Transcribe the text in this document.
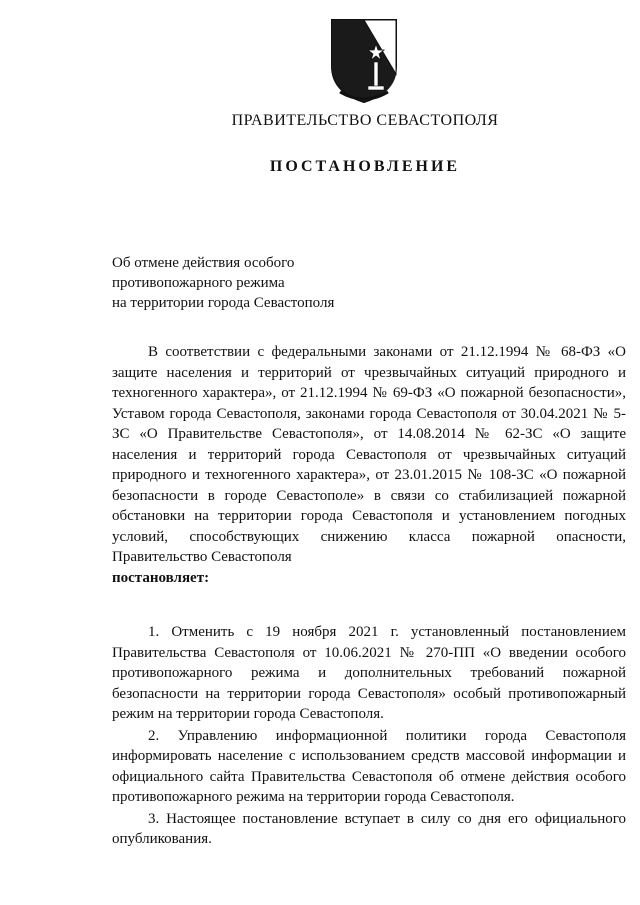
ПРАВИТЕЛЬСТВО СЕВАСТОПОЛЯ
ПОСТАНОВЛЕНИЕ
Об отмене действия особого
противопожарного режима
на территории города Севастополя

В соответствии с федеральными законами от 21.12.1994 № 68-ФЗ «О защите населения и территорий от чрезвычайных ситуаций природного и техногенного характера», от 21.12.1994 № 69-ФЗ «О пожарной безопасности», Уставом города Севастополя, законами города Севастополя от 30.04.2021 № 5-ЗС «О Правительстве Севастополя», от 14.08.2014 № 62-ЗС «О защите населения и территорий города Севастополя от чрезвычайных ситуаций природного и техногенного характера», от 23.01.2015 № 108-ЗС «О пожарной безопасности в городе Севастополе» в связи со стабилизацией пожарной обстановки на территории города Севастополя и установлением погодных условий, способствующих снижению класса пожарной опасности, Правительство Севастополя
постановляет:

1. Отменить с 19 ноября 2021 г. установленный постановлением Правительства Севастополя от 10.06.2021 № 270-ПП «О введении особого противопожарного режима и дополнительных требований пожарной безопасности на территории города Севастополя» особый противопожарный режим на территории города Севастополя.

2. Управлению информационной политики города Севастополя информировать население с использованием средств массовой информации и официального сайта Правительства Севастополя об отмене действия особого противопожарного режима на территории города Севастополя.

3. Настоящее постановление вступает в силу со дня его официального опубликования.
